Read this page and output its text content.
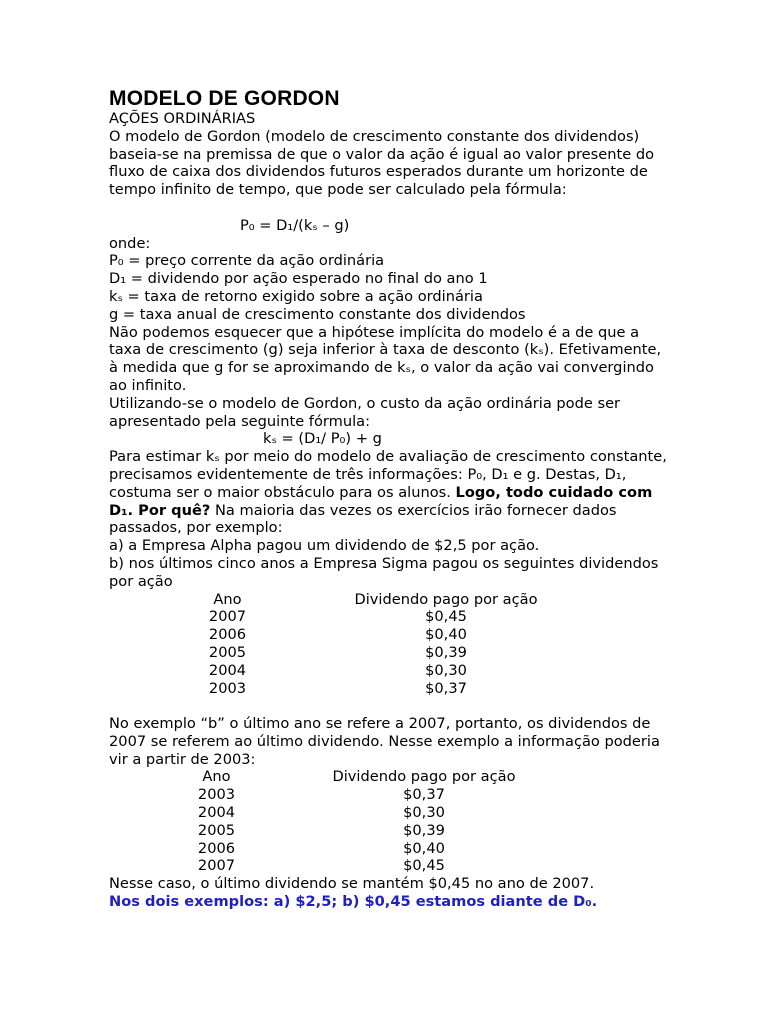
MODELO DE GORDON

AÇÕES ORDINÁRIAS

O modelo de Gordon (modelo de crescimento constante dos dividendos) baseia-se na premissa de que o valor da ação é igual ao valor presente do fluxo de caixa dos dividendos futuros esperados durante um horizonte de tempo infinito de tempo, que pode ser calculado pela fórmula:

P₀ = D₁/(kₛ – g)

onde:

P₀ = preço corrente da ação ordinária

D₁ = dividendo por ação esperado no final do ano 1

kₛ = taxa de retorno exigido sobre a ação ordinária

g = taxa anual de crescimento constante dos dividendos

Não podemos esquecer que a hipótese implícita do modelo é a de que a taxa de crescimento (g) seja inferior à taxa de desconto (kₛ). Efetivamente, à medida que g for se aproximando de kₛ, o valor da ação vai convergindo ao infinito.

Utilizando-se o modelo de Gordon, o custo da ação ordinária pode ser apresentado pela seguinte fórmula:

kₛ = (D₁/ P₀) + g

Para estimar kₛ por meio do modelo de avaliação de crescimento constante, precisamos evidentemente de três informações: P₀, D₁ e g. Destas, D₁, costuma ser o maior obstáculo para os alunos. Logo, todo cuidado com D₁. Por quê? Na maioria das vezes os exercícios irão fornecer dados passados, por exemplo:

a) a Empresa Alpha pagou um dividendo de $2,5 por ação.

b) nos últimos cinco anos a Empresa Sigma pagou os seguintes dividendos por ação

Ano	Dividendo pago por ação
2007	$0,45
2006	$0,40
2005	$0,39
2004	$0,30
2003	$0,37

No exemplo “b” o último ano se refere a 2007, portanto, os dividendos de 2007 se referem ao último dividendo. Nesse exemplo a informação poderia vir a partir de 2003:

Ano	Dividendo pago por ação
2003	$0,37
2004	$0,30
2005	$0,39
2006	$0,40
2007	$0,45

Nesse caso, o último dividendo se mantém $0,45 no ano de 2007.

Nos dois exemplos: a) $2,5; b) $0,45 estamos diante de D₀.
